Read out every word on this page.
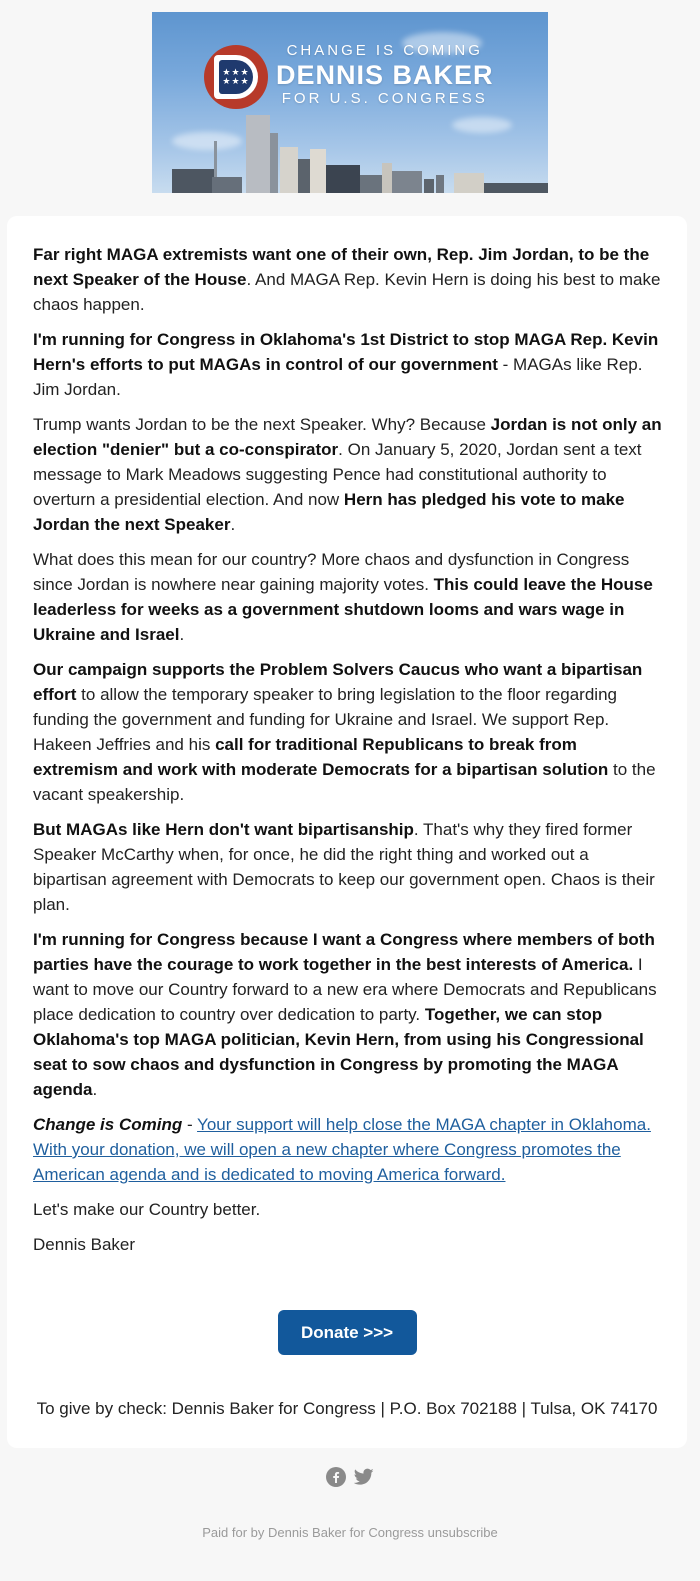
★★★
★★★
CHANGE IS COMING
DENNIS BAKER
FOR U.S. CONGRESS

Far right MAGA extremists want one of their own, Rep. Jim Jordan, to be the next Speaker of the House. And MAGA Rep. Kevin Hern is doing his best to make chaos happen.

I'm running for Congress in Oklahoma's 1st District to stop MAGA Rep. Kevin Hern's efforts to put MAGAs in control of our government - MAGAs like Rep. Jim Jordan.

Trump wants Jordan to be the next Speaker. Why? Because Jordan is not only an election "denier" but a co-conspirator. On January 5, 2020, Jordan sent a text message to Mark Meadows suggesting Pence had constitutional authority to overturn a presidential election. And now Hern has pledged his vote to make Jordan the next Speaker.

What does this mean for our country? More chaos and dysfunction in Congress since Jordan is nowhere near gaining majority votes. This could leave the House leaderless for weeks as a government shutdown looms and wars wage in Ukraine and Israel.

Our campaign supports the Problem Solvers Caucus who want a bipartisan effort to allow the temporary speaker to bring legislation to the floor regarding funding the government and funding for Ukraine and Israel. We support Rep. Hakeen Jeffries and his call for traditional Republicans to break from extremism and work with moderate Democrats for a bipartisan solution to the vacant speakership.

But MAGAs like Hern don't want bipartisanship. That's why they fired former Speaker McCarthy when, for once, he did the right thing and worked out a bipartisan agreement with Democrats to keep our government open. Chaos is their plan.

I'm running for Congress because I want a Congress where members of both parties have the courage to work together in the best interests of America. I want to move our Country forward to a new era where Democrats and Republicans place dedication to country over dedication to party. Together, we can stop Oklahoma's top MAGA politician, Kevin Hern, from using his Congressional seat to sow chaos and dysfunction in Congress by promoting the MAGA agenda.

Change is Coming - Your support will help close the MAGA chapter in Oklahoma. With your donation, we will open a new chapter where Congress promotes the American agenda and is dedicated to moving America forward.

Let's make our Country better.

Dennis Baker

Donate >>>
To give by check: Dennis Baker for Congress | P.O. Box 702188 | Tulsa, OK 74170
Paid for by Dennis Baker for Congress unsubscribe
